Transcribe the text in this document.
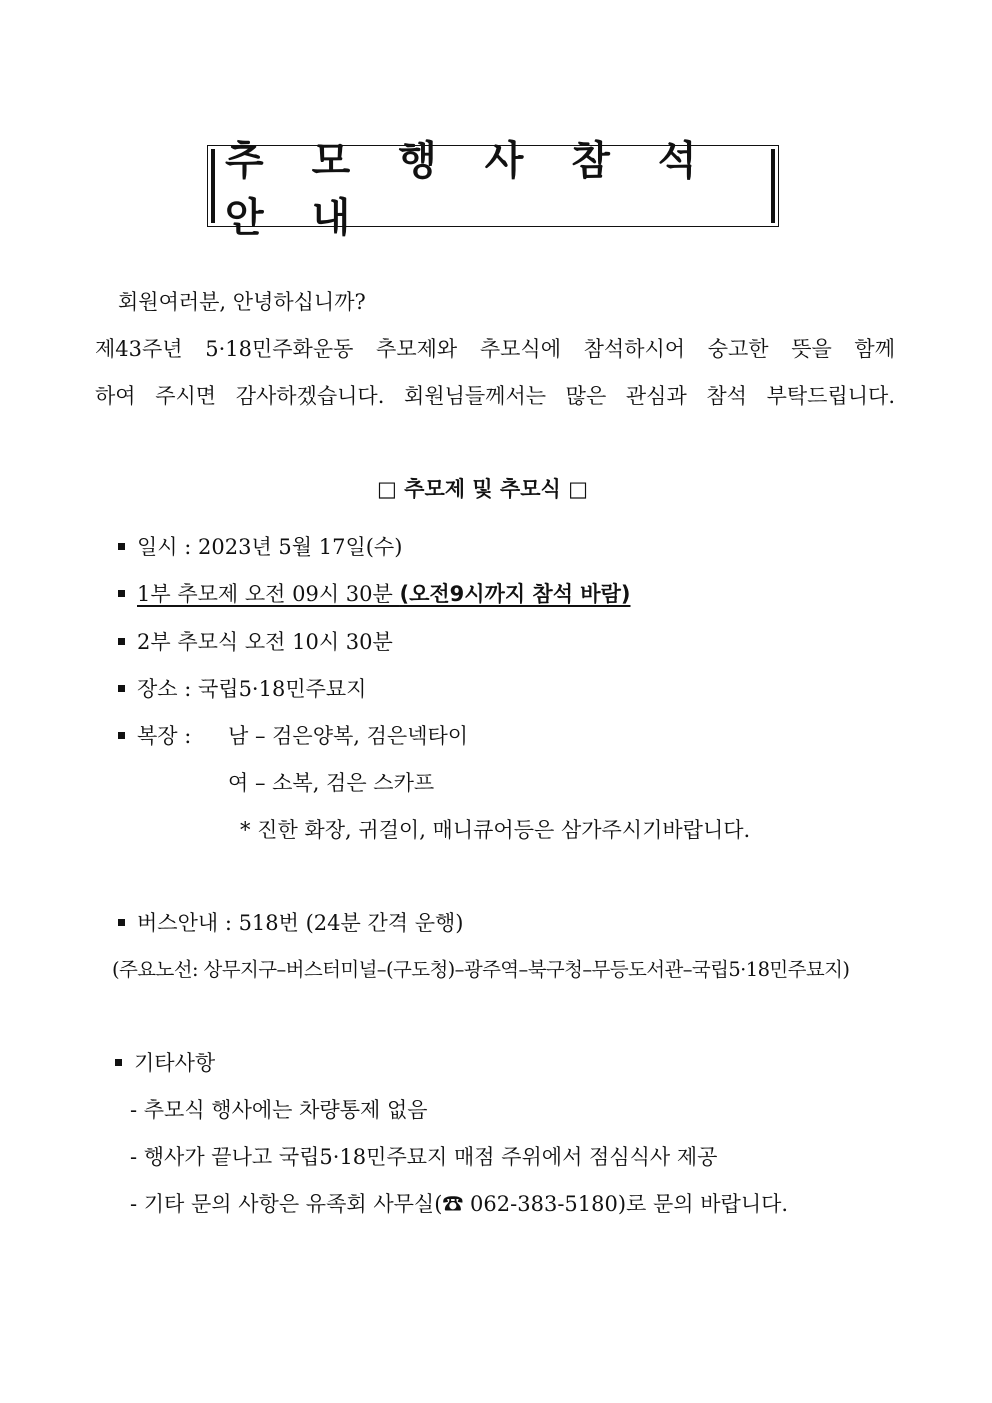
추 모 행 사 참 석 안 내
회원여러분, 안녕하십니까?
제43주년 5·18민주화운동 추모제와 추모식에 참석하시어 숭고한 뜻을 함께
하여 주시면 감사하겠습니다. 회원님들께서는 많은 관심과 참석 부탁드립니다.
□ 추모제 및 추모식 □
일시 : 2023년 5월 17일(수)
1부 추모제 오전 09시 30분 (오전9시까지 참석 바람)
2부 추모식 오전 10시 30분
장소 : 국립5·18민주묘지
복장 : 남 – 검은양복, 검은넥타이
여 – 소복, 검은 스카프
* 진한 화장, 귀걸이, 매니큐어등은 삼가주시기바랍니다.
버스안내 : 518번 (24분 간격 운행)
(주요노선: 상무지구–버스터미널–(구도청)–광주역–북구청–무등도서관–국립5·18민주묘지)
기타사항
- 추모식 행사에는 차량통제 없음
- 행사가 끝나고 국립5·18민주묘지 매점 주위에서 점심식사 제공
- 기타 문의 사항은 유족회 사무실(☎ 062-383-5180)로 문의 바랍니다.
